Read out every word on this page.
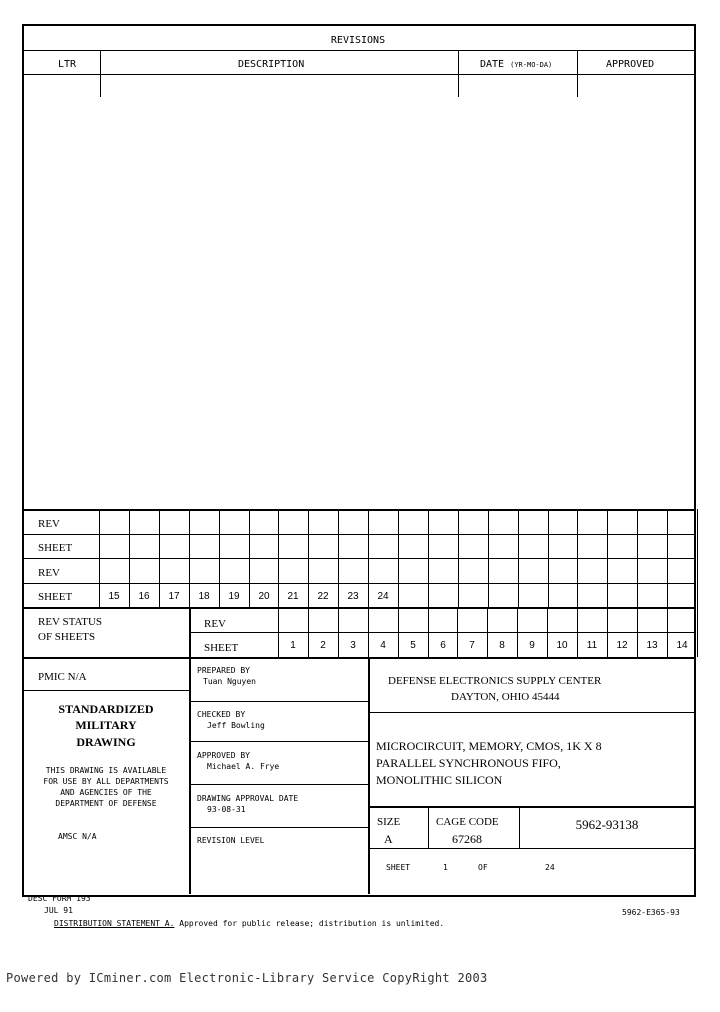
REVISIONS
LTR	DESCRIPTION	DATE (YR-MO-DA)	APPROVED
REV
SHEET
REV
SHEET	15	16	17	18	19	20	21	22	23	24
REV STATUS
OF SHEETS
REV
SHEET	1	2	3	4	5	6	7	8	9	10	11	12	13	14
PMIC N/A
STANDARDIZED
MILITARY
DRAWING
THIS DRAWING IS AVAILABLE
FOR USE BY ALL DEPARTMENTS
AND AGENCIES OF THE
DEPARTMENT OF DEFENSE
AMSC N/A
PREPARED BY
Tuan Nguyen
CHECKED BY
Jeff Bowling
APPROVED BY
Michael A. Frye
DRAWING APPROVAL DATE
93-08-31
REVISION LEVEL
DEFENSE ELECTRONICS SUPPLY CENTER
DAYTON, OHIO 45444
MICROCIRCUIT, MEMORY, CMOS, 1K X 8
PARALLEL SYNCHRONOUS FIFO,
MONOLITHIC SILICON
SIZE
A
CAGE CODE
67268
5962-93138
SHEET	1	OF	24
DESC FORM 193
JUL 91
DISTRIBUTION STATEMENT A. Approved for public release; distribution is unlimited.
5962-E365-93
Powered by ICminer.com Electronic-Library Service CopyRight 2003
